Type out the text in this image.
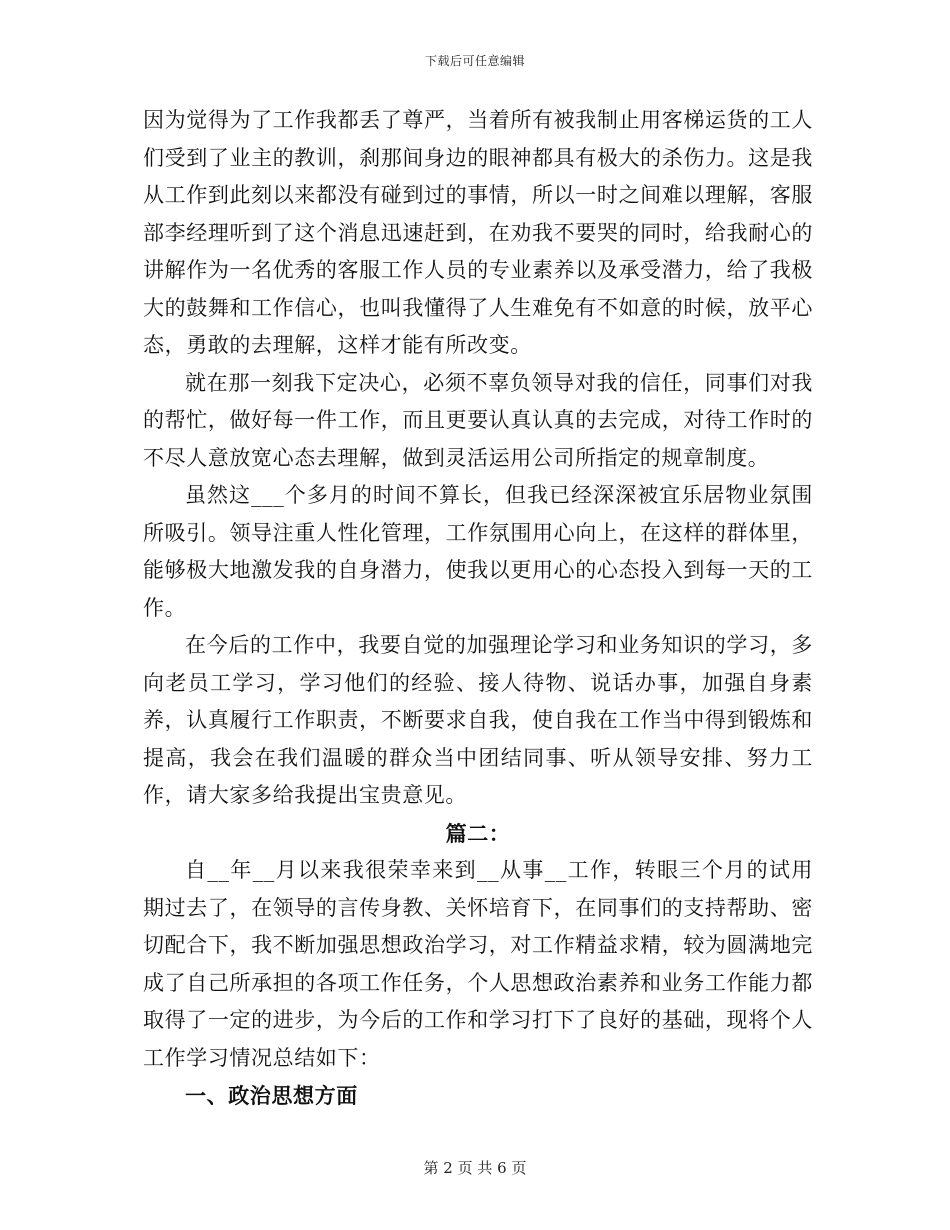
下载后可任意编辑

因为觉得为了工作我都丢了尊严，当着所有被我制止用客梯运货的工人们受到了业主的教训，刹那间身边的眼神都具有极大的杀伤力。这是我从工作到此刻以来都没有碰到过的事情，所以一时之间难以理解，客服部李经理听到了这个消息迅速赶到，在劝我不要哭的同时，给我耐心的讲解作为一名优秀的客服工作人员的专业素养以及承受潜力，给了我极大的鼓舞和工作信心，也叫我懂得了人生难免有不如意的时候，放平心态，勇敢的去理解，这样才能有所改变。

就在那一刻我下定决心，必须不辜负领导对我的信任，同事们对我的帮忙，做好每一件工作，而且更要认真认真的去完成，对待工作时的不尽人意放宽心态去理解，做到灵活运用公司所指定的规章制度。

虽然这___个多月的时间不算长，但我已经深深被宜乐居物业氛围所吸引。领导注重人性化管理，工作氛围用心向上，在这样的群体里，能够极大地激发我的自身潜力，使我以更用心的心态投入到每一天的工作。

在今后的工作中，我要自觉的加强理论学习和业务知识的学习，多向老员工学习，学习他们的经验、接人待物、说话办事，加强自身素养，认真履行工作职责，不断要求自我，使自我在工作当中得到锻炼和提高，我会在我们温暖的群众当中团结同事、听从领导安排、努力工作，请大家多给我提出宝贵意见。

篇二：

自__年__月以来我很荣幸来到__从事__工作，转眼三个月的试用期过去了，在领导的言传身教、关怀培育下，在同事们的支持帮助、密切配合下，我不断加强思想政治学习，对工作精益求精，较为圆满地完成了自己所承担的各项工作任务，个人思想政治素养和业务工作能力都取得了一定的进步，为今后的工作和学习打下了良好的基础，现将个人工作学习情况总结如下：

一、政治思想方面

第 2 页 共 6 页
